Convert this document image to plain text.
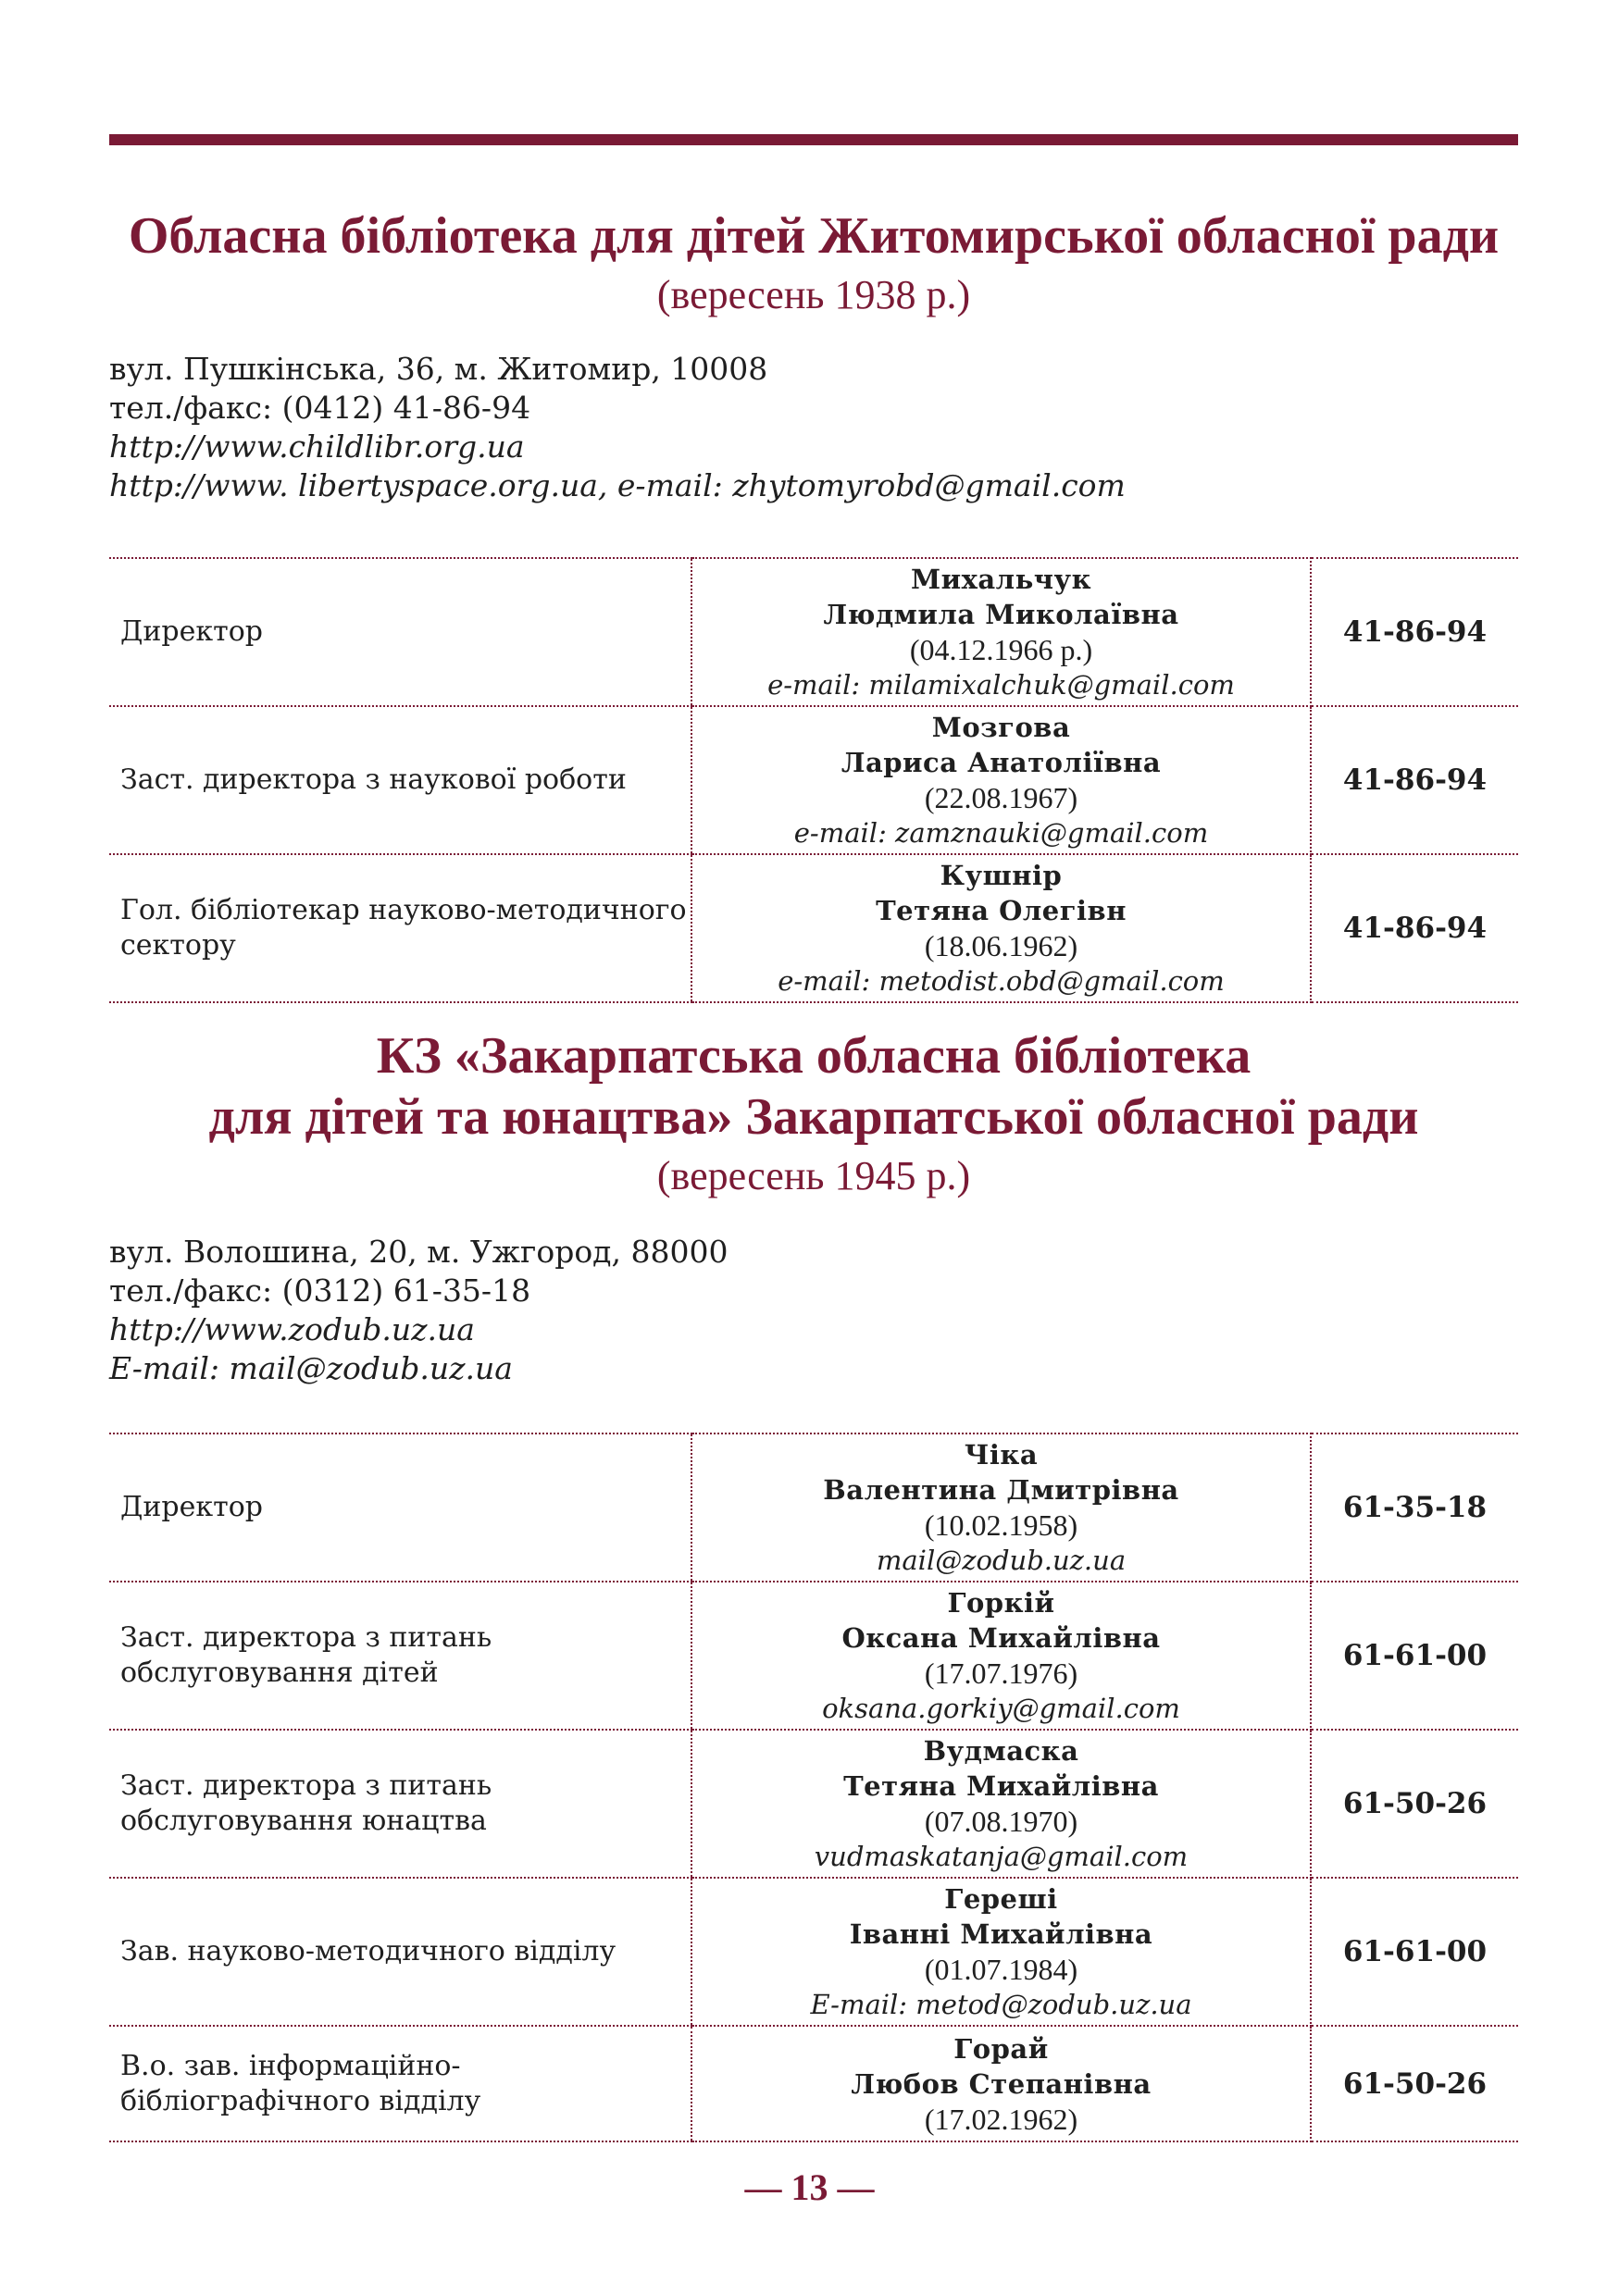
Обласна бібліотека для дітей Житомирської обласної ради

(вересень 1938 р.)

вул. Пушкінська, 36, м. Житомир, 10008
тел./факс: (0412) 41-86-94
http://www.childlibr.org.ua
http://www. libertyspace.org.ua, e-mail: zhytomyrobd@gmail.com
Директор	Михальчук
Людмила Миколаївна
(04.12.1966 р.)
e-mail: milamixalchuk@gmail.com	41-86-94
Заст. директора з наукової роботи	Мозгова
Лариса Анатоліївна
(22.08.1967)
e-mail: zamznauki@gmail.com	41-86-94
Гол. бібліотекар науково-методичного сектору	Кушнір
Тетяна Олегівн
(18.06.1962)
e-mail: metodist.obd@gmail.com	41-86-94
КЗ «Закарпатська обласна бібліотека
для дітей та юнацтва» Закарпатської обласної ради

(вересень 1945 р.)

вул. Волошина, 20, м. Ужгород, 88000
тел./факс: (0312) 61-35-18
http://www.zodub.uz.ua
E-mail: mail@zodub.uz.ua
Директор	Чіка
Валентина Дмитрівна
(10.02.1958)
mail@zodub.uz.ua	61-35-18
Заст. директора з питань обслуговування дітей	Горкій
Оксана Михайлівна
(17.07.1976)
oksana.gorkiy@gmail.com	61-61-00
Заст. директора з питань обслуговування юнацтва	Вудмаска
Тетяна Михайлівна
(07.08.1970)
vudmaskatanja@gmail.com	61-50-26
Зав. науково-методичного відділу	Гереші
Іванні Михайлівна
(01.07.1984)
E-mail: metod@zodub.uz.ua	61-61-00
В.о. зав. інформаційно-бібліографічного відділу	Горай
Любов Степанівна
(17.02.1962)	61-50-26
— 13 —
